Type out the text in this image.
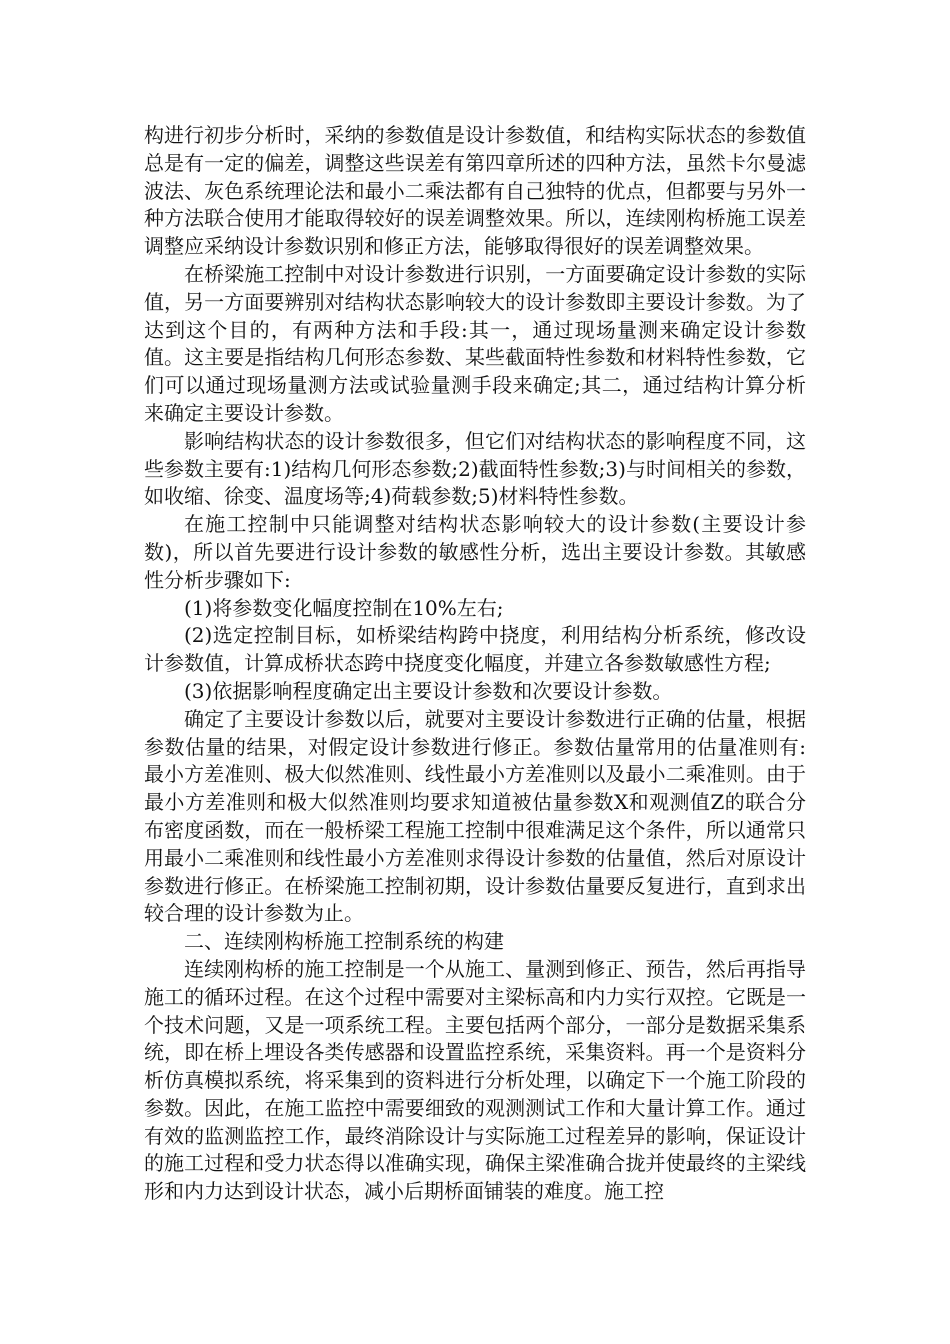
构进行初步分析时，采纳的参数值是设计参数值，和结构实际状态的参数值总是有一定的偏差，调整这些误差有第四章所述的四种方法，虽然卡尔曼滤波法、灰色系统理论法和最小二乘法都有自己独特的优点，但都要与另外一种方法联合使用才能取得较好的误差调整效果。所以，连续刚构桥施工误差调整应采纳设计参数识别和修正方法，能够取得很好的误差调整效果。

在桥梁施工控制中对设计参数进行识别，一方面要确定设计参数的实际值，另一方面要辨别对结构状态影响较大的设计参数即主要设计参数。为了达到这个目的，有两种方法和手段:其一，通过现场量测来确定设计参数值。这主要是指结构几何形态参数、某些截面特性参数和材料特性参数，它们可以通过现场量测方法或试验量测手段来确定;其二，通过结构计算分析来确定主要设计参数。

影响结构状态的设计参数很多，但它们对结构状态的影响程度不同，这些参数主要有:1)结构几何形态参数;2)截面特性参数;3)与时间相关的参数，如收缩、徐变、温度场等;4)荷载参数;5)材料特性参数。

在施工控制中只能调整对结构状态影响较大的设计参数(主要设计参数)，所以首先要进行设计参数的敏感性分析，选出主要设计参数。其敏感性分析步骤如下:

(1)将参数变化幅度控制在10%左右;

(2)选定控制目标，如桥梁结构跨中挠度，利用结构分析系统，修改设计参数值，计算成桥状态跨中挠度变化幅度，并建立各参数敏感性方程;

(3)依据影响程度确定出主要设计参数和次要设计参数。

确定了主要设计参数以后，就要对主要设计参数进行正确的估量，根据参数估量的结果，对假定设计参数进行修正。参数估量常用的估量准则有:最小方差准则、极大似然准则、线性最小方差准则以及最小二乘准则。由于最小方差准则和极大似然准则均要求知道被估量参数X和观测值Z的联合分布密度函数，而在一般桥梁工程施工控制中很难满足这个条件，所以通常只用最小二乘准则和线性最小方差准则求得设计参数的估量值，然后对原设计参数进行修正。在桥梁施工控制初期，设计参数估量要反复进行，直到求出较合理的设计参数为止。

二、连续刚构桥施工控制系统的构建

连续刚构桥的施工控制是一个从施工、量测到修正、预告，然后再指导施工的循环过程。在这个过程中需要对主梁标高和内力实行双控。它既是一个技术问题，又是一项系统工程。主要包括两个部分，一部分是数据采集系统，即在桥上埋设各类传感器和设置监控系统，采集资料。再一个是资料分析仿真模拟系统，将采集到的资料进行分析处理，以确定下一个施工阶段的参数。因此，在施工监控中需要细致的观测测试工作和大量计算工作。通过有效的监测监控工作，最终消除设计与实际施工过程差异的影响，保证设计的施工过程和受力状态得以准确实现，确保主梁准确合拢并使最终的主梁线形和内力达到设计状态，减小后期桥面铺装的难度。施工控
